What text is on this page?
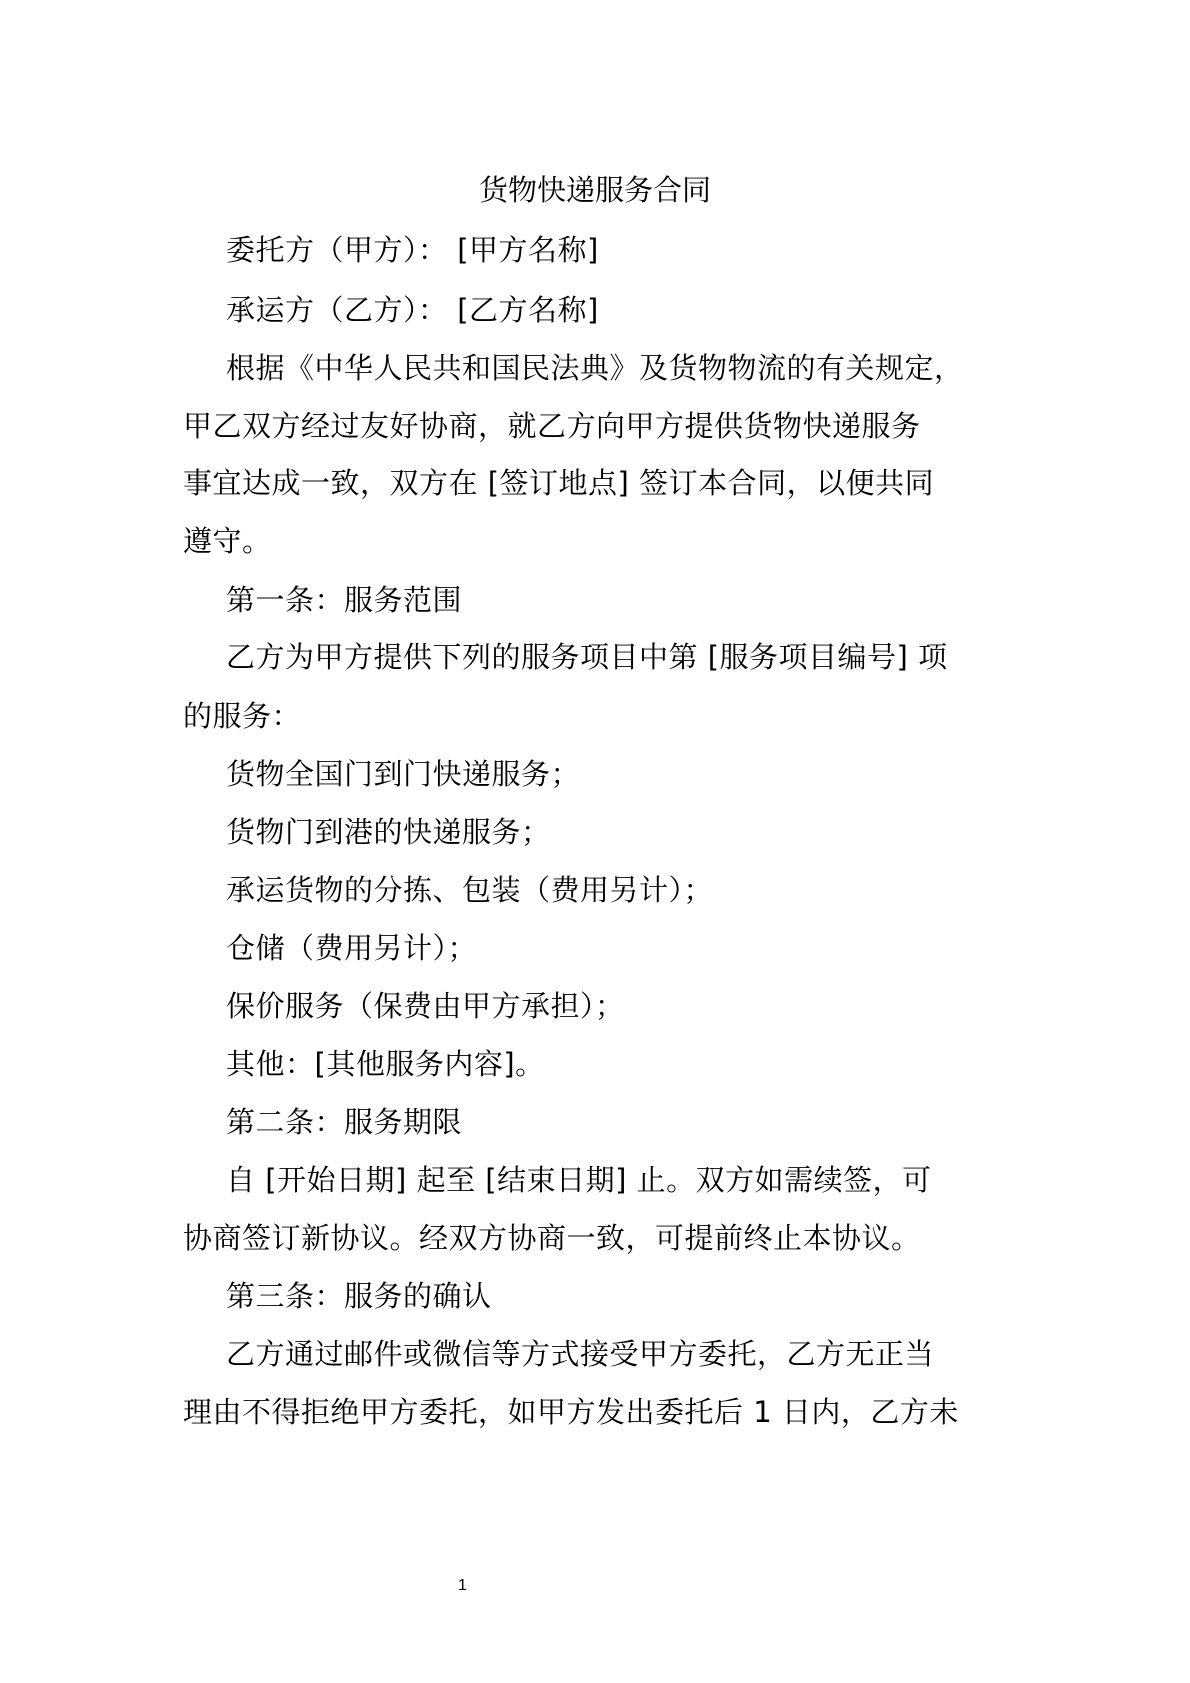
货物快递服务合同
委托方（甲方）： [甲方名称]
承运方（乙方）： [乙方名称]
根据《中华人民共和国民法典》及货物物流的有关规定，
甲乙双方经过友好协商，就乙方向甲方提供货物快递服务
事宜达成一致，双方在 [签订地点] 签订本合同，以便共同
遵守。
第一条：服务范围
乙方为甲方提供下列的服务项目中第 [服务项目编号] 项
的服务：
货物全国门到门快递服务；
货物门到港的快递服务；
承运货物的分拣、包装（费用另计）；
仓储（费用另计）；
保价服务（保费由甲方承担）；
其他：[其他服务内容]。
第二条：服务期限
自 [开始日期] 起至 [结束日期] 止。双方如需续签，可
协商签订新协议。经双方协商一致，可提前终止本协议。
第三条：服务的确认
乙方通过邮件或微信等方式接受甲方委托，乙方无正当
理由不得拒绝甲方委托，如甲方发出委托后 1 日内，乙方未
1
